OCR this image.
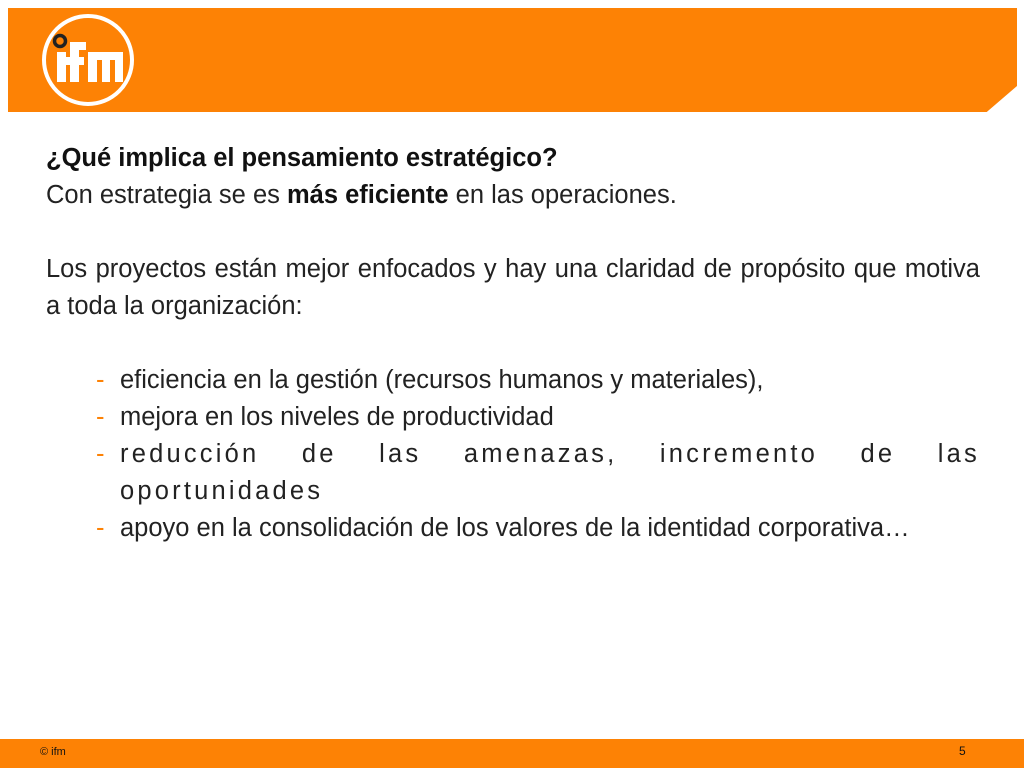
¿Qué implica el pensamiento estratégico?

Con estrategia se es más eficiente en las operaciones.

Los proyectos están mejor enfocados y hay una claridad de propósito que motiva a toda la organización:

- eficiencia en la gestión (recursos humanos y materiales),
- mejora en los niveles de productividad
- reducción de las amenazas, incremento de las oportunidades
- apoyo en la consolidación de los valores de la identidad corporativa…
© ifm	5
